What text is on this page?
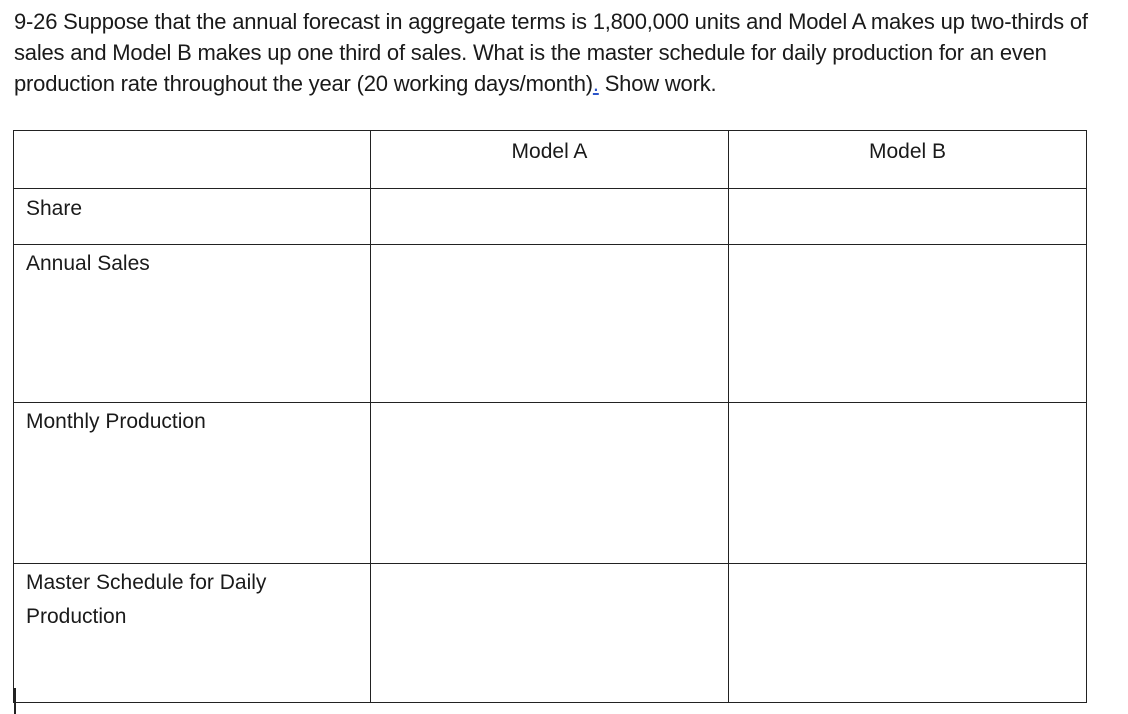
9-26 Suppose that the annual forecast in aggregate terms is 1,800,000 units and Model A makes up two-thirds of sales and Model B makes up one third of sales. What is the master schedule for daily production for an even production rate throughout the year (20 working days/month). Show work.
	Model A	Model B
Share		
Annual Sales		
Monthly Production		
Master Schedule for Daily Production		
